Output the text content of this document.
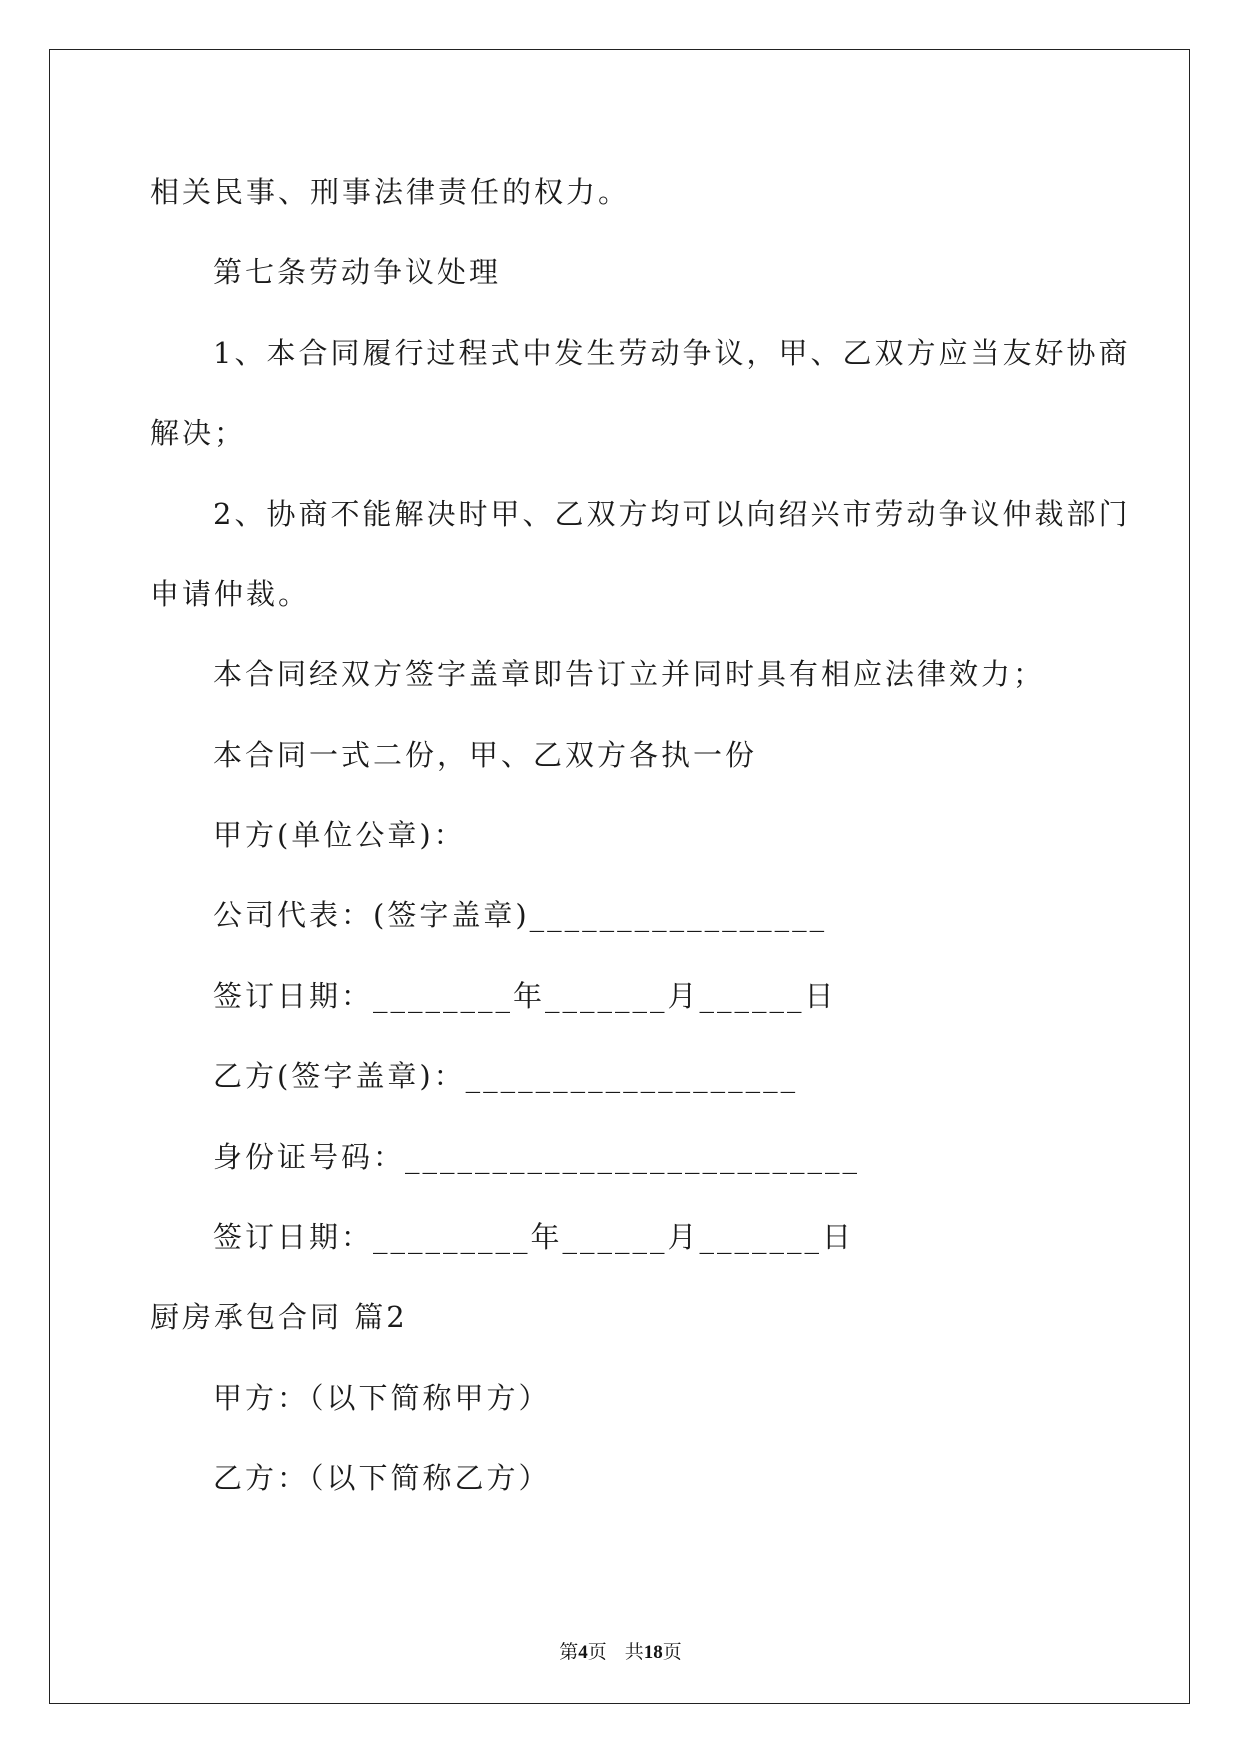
相关民事、刑事法律责任的权力。
第七条劳动争议处理
1、本合同履行过程式中发生劳动争议，甲、乙双方应当友好协商
解决；
2、协商不能解决时甲、乙双方均可以向绍兴市劳动争议仲裁部门
申请仲裁。
本合同经双方签字盖章即告订立并同时具有相应法律效力；
本合同一式二份，甲、乙双方各执一份
甲方(单位公章)：
公司代表：(签字盖章)_________________
签订日期：________年_______月______日
乙方(签字盖章)：___________________
身份证号码：__________________________
签订日期：_________年______月_______日
厨房承包合同 篇2
甲方：（以下简称甲方）
乙方：（以下简称乙方）
第4页 共18页
